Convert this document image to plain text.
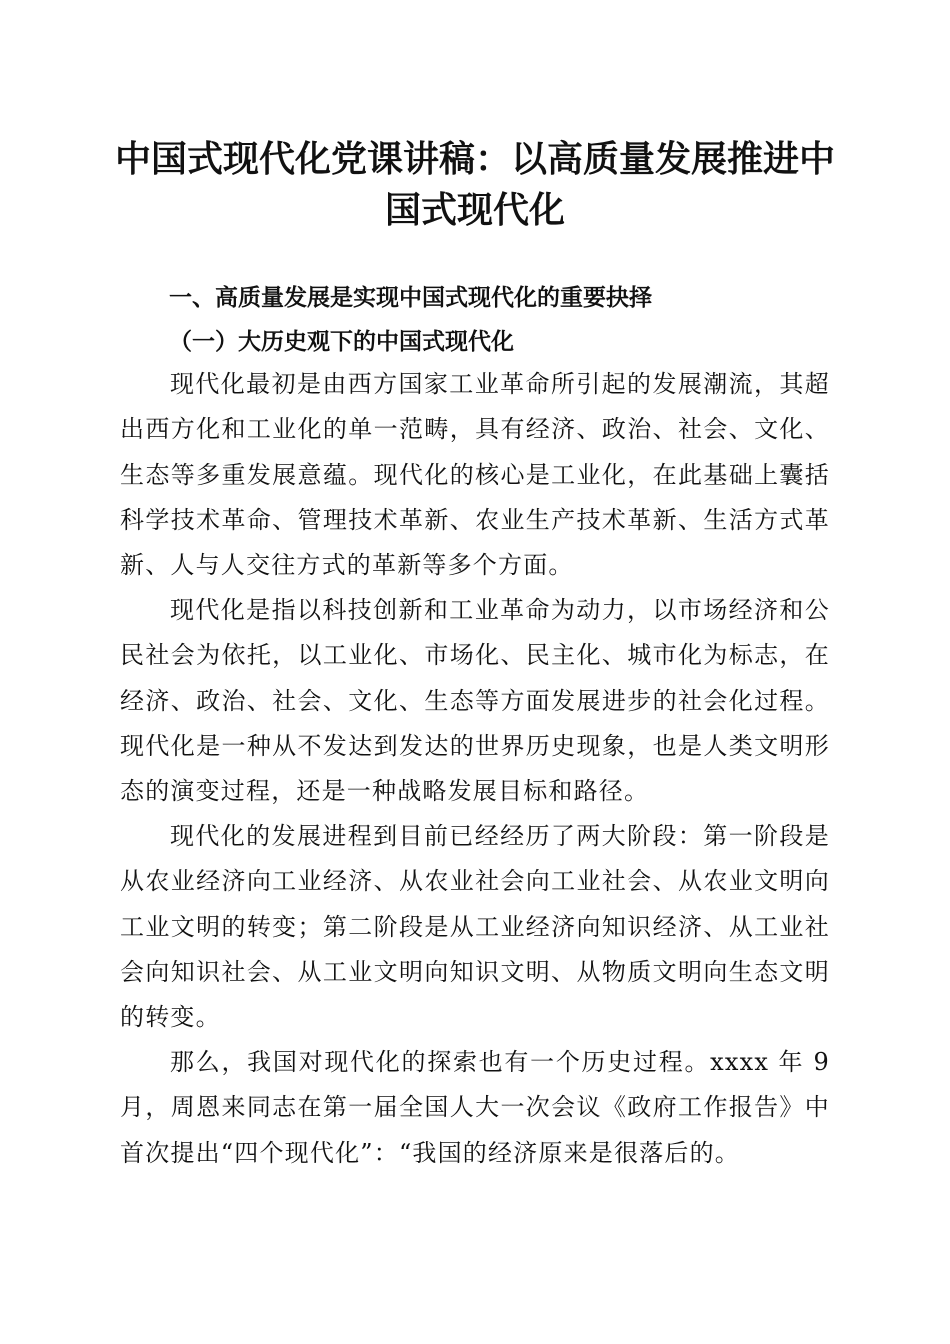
中国式现代化党课讲稿：以高质量发展推进中国式现代化
一、高质量发展是实现中国式现代化的重要抉择
（一）大历史观下的中国式现代化

现代化最初是由西方国家工业革命所引起的发展潮流，其超出西方化和工业化的单一范畴，具有经济、政治、社会、文化、生态等多重发展意蕴。现代化的核心是工业化，在此基础上囊括科学技术革命、管理技术革新、农业生产技术革新、生活方式革新、人与人交往方式的革新等多个方面。

现代化是指以科技创新和工业革命为动力，以市场经济和公民社会为依托，以工业化、市场化、民主化、城市化为标志，在经济、政治、社会、文化、生态等方面发展进步的社会化过程。现代化是一种从不发达到发达的世界历史现象，也是人类文明形态的演变过程，还是一种战略发展目标和路径。

现代化的发展进程到目前已经经历了两大阶段：第一阶段是从农业经济向工业经济、从农业社会向工业社会、从农业文明向工业文明的转变；第二阶段是从工业经济向知识经济、从工业社会向知识社会、从工业文明向知识文明、从物质文明向生态文明的转变。

那么，我国对现代化的探索也有一个历史过程。xxxx 年 9 月，周恩来同志在第一届全国人大一次会议《政府工作报告》中首次提出“四个现代化”：“我国的经济原来是很落后的。
